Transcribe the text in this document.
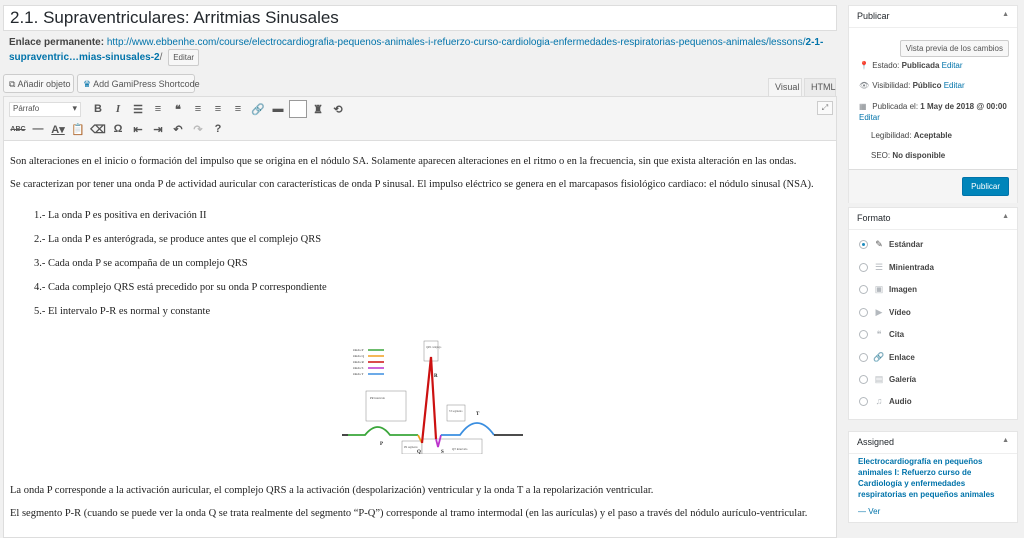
2.1. Supraventriculares: Arritmias Sinusales
Enlace permanente: http://www.ebbenhe.com/course/electrocardiografia-pequenos-animales-i-refuerzo-curso-cardiologia-enfermedades-respiratorias-pequenos-animales/lessons/2-1-supraventric…mias-sinusales-2/ Editar
⧉ Añadir objeto	♛ Add GamiPress Shortcode	Visual	HTML
Párrafo ▾	B	I	☰	≡	❝	≡	≡	≡ 🔗 ▬	♜ ⟲
ABC — A▾ 📋 ⌫ Ω ⇤ ⇥ ↶ ↷	?
⤢

Son alteraciones en el inicio o formación del impulso que se origina en el nódulo SA. Solamente aparecen alteraciones en el ritmo o en la frecuencia, sin que exista alteración en las ondas.

Se caracterizan por tener una onda P de actividad auricular con características de onda P sinusal. El impulso eléctrico se genera en el marcapasos fisiológico cardiaco: el nódulo sinusal (NSA).

1.- La onda P es positiva en derivación II
2.- La onda P es anterógrada, se produce antes que el complejo QRS
3.- Cada onda P se acompaña de un complejo QRS
4.- Cada complejo QRS está precedido por su onda P correspondiente
5.- El intervalo P-R es normal y constante

La onda P corresponde a la activación auricular, el complejo QRS a la activación (despolarización) ventricular y la onda T a la repolarización ventricular.

El segmento P-R (cuando se puede ver la onda Q se trata realmente del segmento “P-Q”) corresponde al tramo intermodal (en las aurículas) y el paso a través del nódulo aurículo-ventricular.

Onda P
Onda Q
Onda R
Onda S
Onda T
QRS complejo
PR intervalo
ST segmento
PR segmento	QT intervalo
P
Q
R
S
T
Publicar	▲
Vista previa de los cambios
📍 Estado: Publicada Editar
👁 Visibilidad: Público Editar
▦ Publicada el: 1 May de 2018 @ 00:00
Editar
Legibilidad: Aceptable
SEO: No disponible
Publicar
Formato	▲
✎ Estándar
☰ Minientrada
▣ Imagen
▶ Vídeo
❝ Cita
🔗 Enlace
▤ Galería
♫ Audio
Assigned	▲
Electrocardiografía en pequeños animales I: Refuerzo curso de Cardiología y enfermedades respiratorias en pequeños animales
— Ver
